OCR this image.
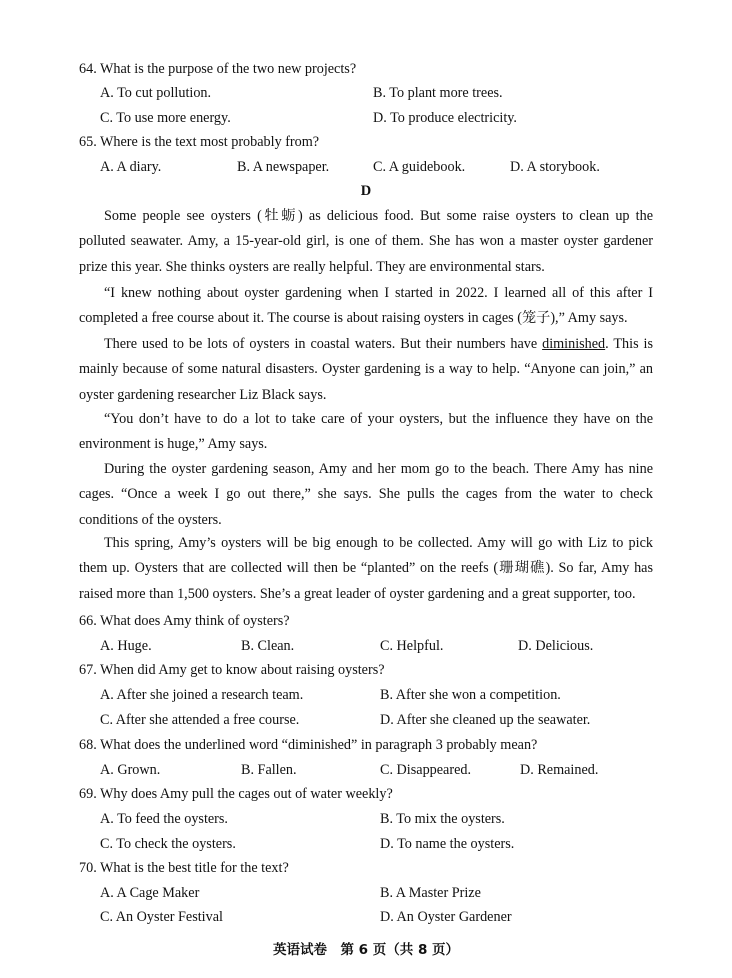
64. What is the purpose of the two new projects?
A. To cut pollution.	B. To plant more trees.
C. To use more energy.	D. To produce electricity.
65. Where is the text most probably from?
A. A diary.	B. A newspaper.	C. A guidebook.	D. A storybook.
D
Some people see oysters (牡蛎) as delicious food. But some raise oysters to clean up the polluted seawater. Amy, a 15-year-old girl, is one of them. She has won a master oyster gardener prize this year. She thinks oysters are really helpful. They are environmental stars.
“I knew nothing about oyster gardening when I started in 2022. I learned all of this after I completed a free course about it. The course is about raising oysters in cages (笼子),” Amy says.
There used to be lots of oysters in coastal waters. But their numbers have diminished. This is mainly because of some natural disasters. Oyster gardening is a way to help. “Anyone can join,” an oyster gardening researcher Liz Black says.
“You don’t have to do a lot to take care of your oysters, but the influence they have on the environment is huge,” Amy says.
During the oyster gardening season, Amy and her mom go to the beach. There Amy has nine cages. “Once a week I go out there,” she says. She pulls the cages from the water to check conditions of the oysters.
This spring, Amy’s oysters will be big enough to be collected. Amy will go with Liz to pick them up. Oysters that are collected will then be “planted” on the reefs (珊瑚礁). So far, Amy has raised more than 1,500 oysters. She’s a great leader of oyster gardening and a great supporter, too.
66. What does Amy think of oysters?
A. Huge.	B. Clean.	C. Helpful.	D. Delicious.
67. When did Amy get to know about raising oysters?
A. After she joined a research team.	B. After she won a competition.
C. After she attended a free course.	D. After she cleaned up the seawater.
68. What does the underlined word “diminished” in paragraph 3 probably mean?
A. Grown.	B. Fallen.	C. Disappeared.	D. Remained.
69. Why does Amy pull the cages out of water weekly?
A. To feed the oysters.	B. To mix the oysters.
C. To check the oysters.	D. To name the oysters.
70. What is the best title for the text?
A. A Cage Maker	B. A Master Prize
C. An Oyster Festival	D. An Oyster Gardener
英语试卷　第 6 页（共 8 页）
